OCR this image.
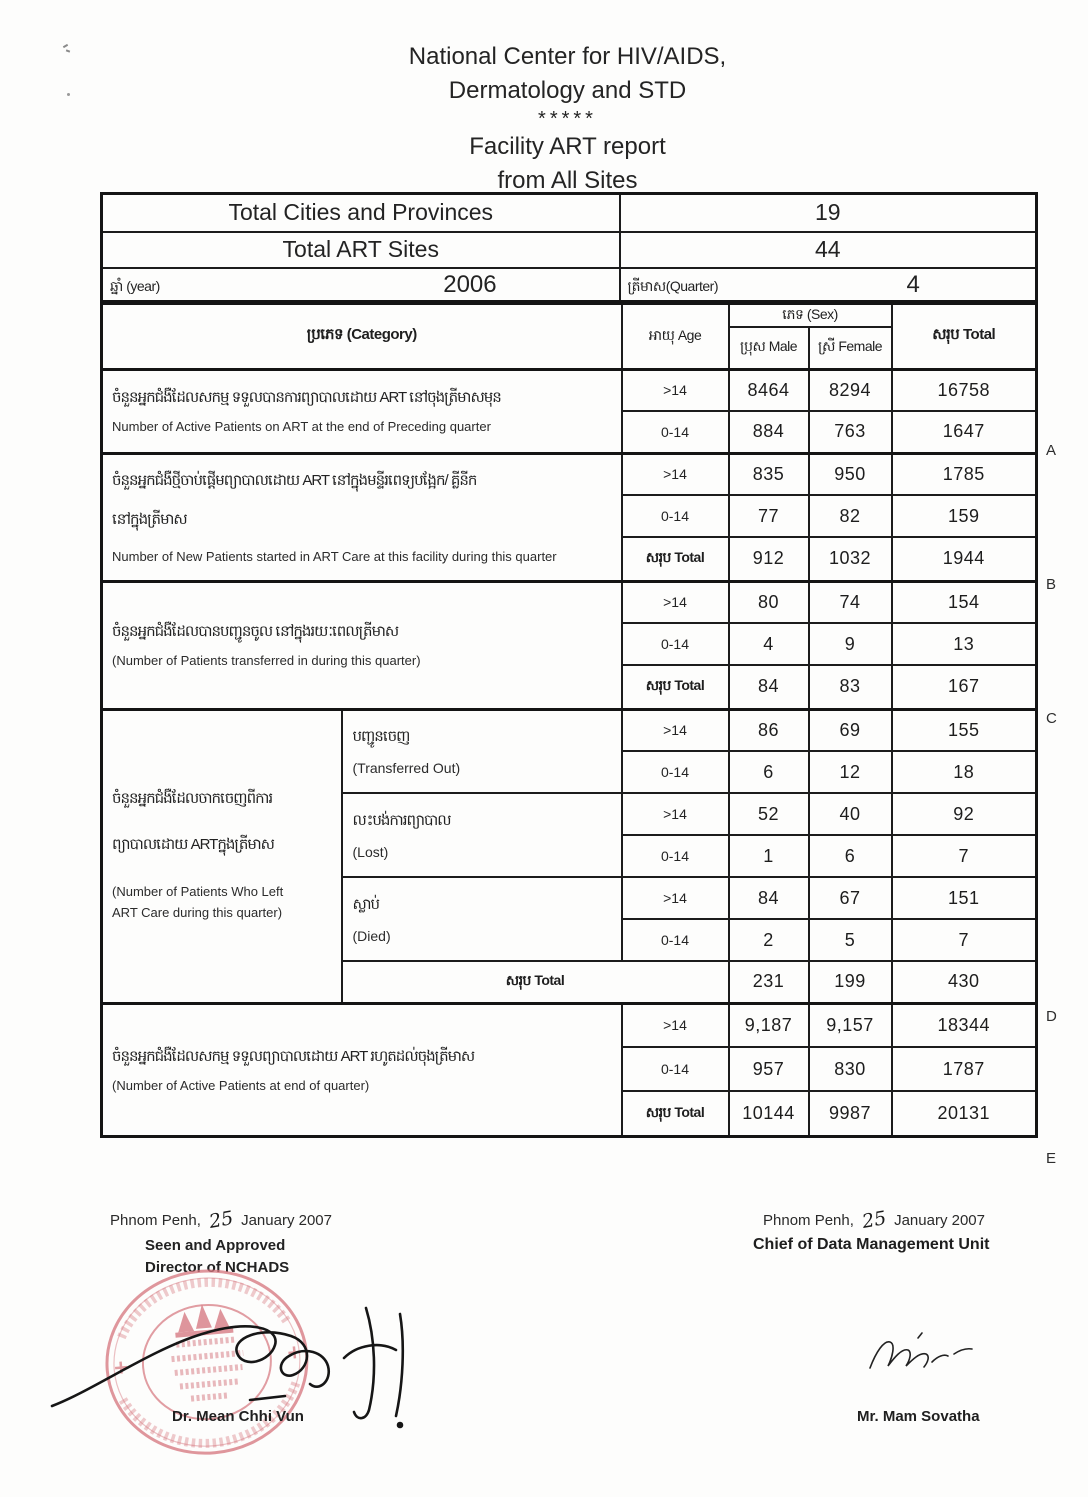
National Center for HIV/AIDS,
Dermatology and STD
*****
Facility ART report
from All Sites
Total Cities and Provinces	19
Total ART Sites	44

ឆ្នាំ (year) 2006	ត្រីមាស(Quarter) 4
ប្រភេទ (Category)		អាយុ Age	ភេទ (Sex)		សរុប Total
			ប្រុស Male	ស្រី Female	

ចំនួនអ្នកជំងឺដែលសកម្ម ទទួលបានការព្យាបាលដោយ ART នៅចុងត្រីមាសមុន
Number of Active Patients on ART at the end of Preceding quarter		>14	8464	8294	16758
		0-14	884	763	1647

ចំនួនអ្នកជំងឺថ្មីចាប់ផ្តើមព្យាបាលដោយ ART នៅក្នុងមន្ទីរពេទ្យបង្អែក/ គ្លីនីក
នៅក្នុងត្រីមាស
Number of New Patients started in ART Care at this facility during this quarter		>14	835	950	1785
		0-14	77	82	159
		សរុប Total	912	1032	1944

ចំនួនអ្នកជំងឺដែលបានបញ្ជូនចូល នៅក្នុងរយៈពេលត្រីមាស
(Number of Patients transferred in during this quarter)		>14	80	74	154
		0-14	4	9	13
		សរុប Total	84	83	167

ចំនួនអ្នកជំងឺដែលចាកចេញពីការ
ព្យាបាលដោយ ARTក្នុងត្រីមាស
(Number of Patients Who Left
ART Care during this quarter)

បញ្ជូនចេញ
(Transferred Out)
	>14	86	69	155
		0-14	6	12	18

	លះបង់ការព្យាបាល
(Lost)	>14	52	40	92
		0-14	1	6	7

	ស្លាប់
(Died)	>14	84	67	151
		0-14	2	5	7
	សរុប Total		231	199	430

ចំនួនអ្នកជំងឺដែលសកម្ម ទទួលព្យាបាលដោយ ART រហូតដល់ចុងត្រីមាស
(Number of Active Patients at end of quarter)		>14	9,187	9,157	18344
		0-14	957	830	1787
		សរុប Total	10144	9987	20131
A
B
C
D
E
Phnom Penh, 25 January 2007
Seen and Approved
Director of NCHADS
Phnom Penh, 25 January 2007
Chief of Data Management Unit
Dr. Mean Chhi Vun	Mr. Mam Sovatha
